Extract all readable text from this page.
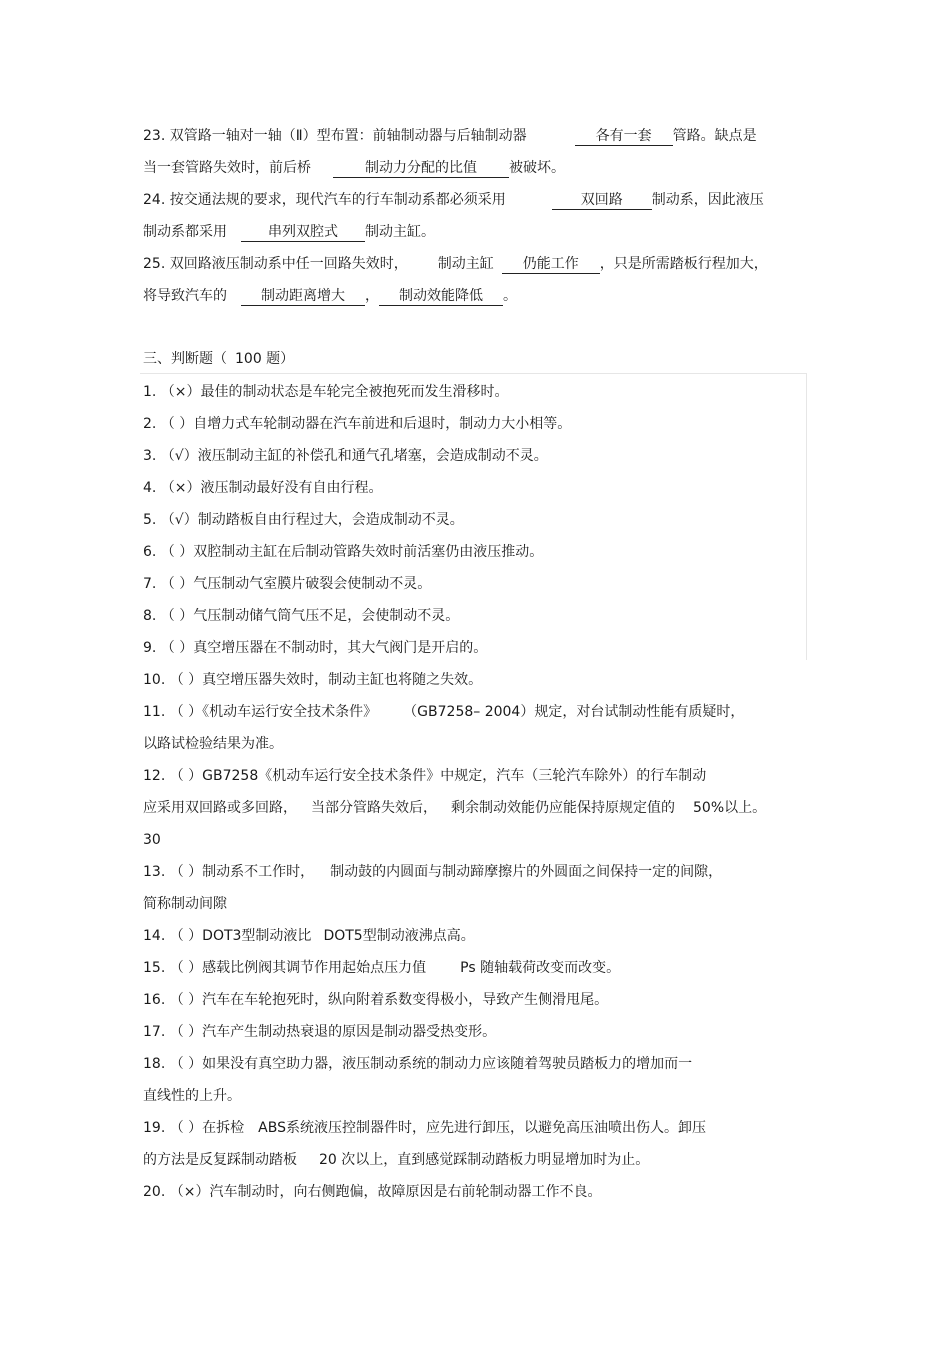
23. 双管路一轴对一轴（Ⅱ）型布置：前轴制动器与后轴制动器	各有一套 管路。缺点是
当一套管路失效时，前后桥	制动力分配的比值 被破坏。
24. 按交通法规的要求，现代汽车的行车制动系都必须采用	双回路 制动系，因此液压
制动系都采用	串列双腔式 制动主缸。
25. 双回路液压制动系中任一回路失效时， 制动主缸 仍能工作 ，只是所需踏板行程加大，
将导致汽车的 制动距离增大 ， 制动效能降低 。
三、判断题（ 100 题）
1. （×）最佳的制动状态是车轮完全被抱死而发生滑移时。
2. （ ）自增力式车轮制动器在汽车前进和后退时，制动力大小相等。
3. （√）液压制动主缸的补偿孔和通气孔堵塞，会造成制动不灵。
4. （×）液压制动最好没有自由行程。
5. （√）制动踏板自由行程过大，会造成制动不灵。
6. （ ）双腔制动主缸在后制动管路失效时前活塞仍由液压推动。
7. （ ）气压制动气室膜片破裂会使制动不灵。
8. （ ）气压制动储气筒气压不足，会使制动不灵。
9. （ ）真空增压器在不制动时，其大气阀门是开启的。
10. （ ）真空增压器失效时，制动主缸也将随之失效。
11. （ ）《机动车运行安全技术条件》 （GB7258– 2004）规定，对台试制动性能有质疑时，
以路试检验结果为准。
12. （ ）GB7258《机动车运行安全技术条件》中规定，汽车（三轮汽车除外）的行车制动
应采用双回路或多回路， 当部分管路失效后， 剩余制动效能仍应能保持原规定值的 50%以上。
30
13. （ ）制动系不工作时， 制动鼓的内圆面与制动蹄摩擦片的外圆面之间保持一定的间隙，
简称制动间隙
14. （ ）DOT3型制动液比 DOT5型制动液沸点高。
15. （ ）感载比例阀其调节作用起始点压力值 Ps 随轴载荷改变而改变。
16. （ ）汽车在车轮抱死时，纵向附着系数变得极小，导致产生侧滑甩尾。
17. （ ）汽车产生制动热衰退的原因是制动器受热变形。
18. （ ）如果没有真空助力器，液压制动系统的制动力应该随着驾驶员踏板力的增加而一
直线性的上升。
19. （ ）在拆检 ABS系统液压控制器件时，应先进行卸压，以避免高压油喷出伤人。卸压
的方法是反复踩制动踏板 20 次以上，直到感觉踩制动踏板力明显增加时为止。
20. （×）汽车制动时，向右侧跑偏，故障原因是右前轮制动器工作不良。
